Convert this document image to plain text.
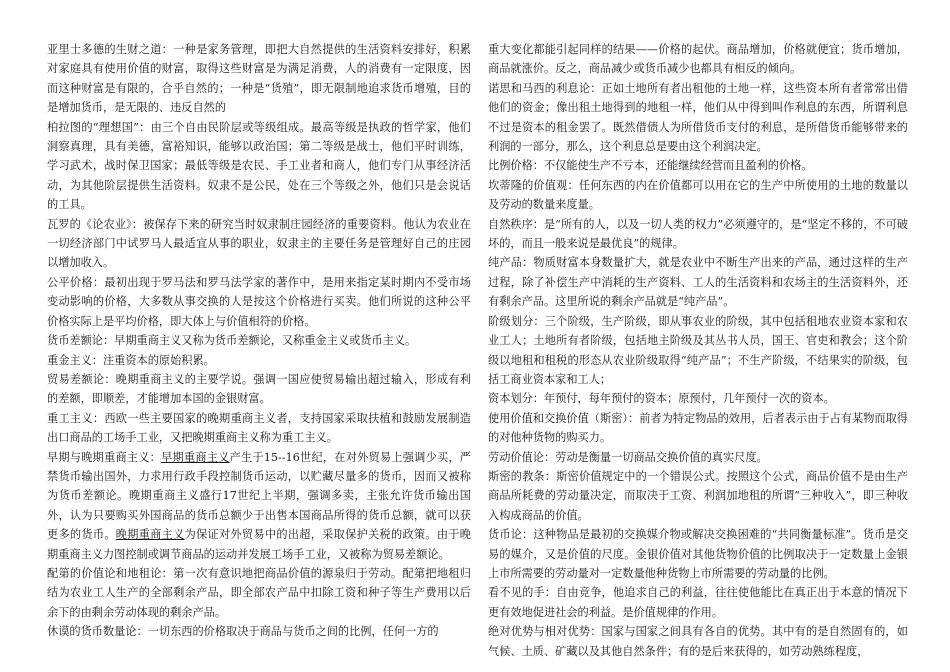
亚里士多德的生财之道：一种是家务管理，即把大自然提供的生活资料安排好，积累对家庭具有使用价值的财富，取得这些财富是为满足消费，人的消费有一定限度，因而这种财富是有限的，合乎自然的；一种是“货殖”，即无限制地追求货币增殖，目的是增加货币，是无限的、违反自然的

柏拉图的“理想国”：由三个自由民阶层或等级组成。最高等级是执政的哲学家，他们洞察真理，具有美德，富裕知识，能够以政治国；第二等级是战士，他们平时训练，学习武术，战时保卫国家；最低等级是农民、手工业者和商人，他们专门从事经济活动，为其他阶层提供生活资料。奴隶不是公民，处在三个等级之外，他们只是会说话的工具。

瓦罗的《论农业》：被保存下来的研究当时奴隶制庄园经济的重要资料。他认为农业在一切经济部门中试罗马人最适宜从事的职业，奴隶主的主要任务是管理好自己的庄园以增加收入。

公平价格：最初出现于罗马法和罗马法学家的著作中，是用来指定某时期内不受市场变动影响的价格，大多数从事交换的人是按这个价格进行买卖。他们所说的这种公平价格实际上是平均价格，即大体上与价值相符的价格。

货币差额论：早期重商主义又称为货币差额论，又称重金主义或货币主义。

重金主义：注重资本的原始积累。

贸易差额论：晚期重商主义的主要学说。强调一国应使贸易输出超过输入，形成有利的差额，即顺差，才能增加本国的金银财富。

重工主义：西欧一些主要国家的晚期重商主义者，支持国家采取扶植和鼓励发展制造出口商品的工场手工业，又把晚期重商主义称为重工主义。

早期与晚期重商主义：早期重商主义产生于15--16世纪，在对外贸易上强调少买，严禁货币输出国外，力求用行政手段控制货币运动，以贮藏尽量多的货币，因而又被称为货币差额论。晚期重商主义盛行17世纪上半期，强调多卖，主张允许货币输出国外，认为只要购买外国商品的货币总额少于出售本国商品所得的货币总额，就可以获更多的货币。晚期重商主义为保证对外贸易中的出超，采取保护关税的政策。由于晚期重商主义力图控制或调节商品的运动并发展工场手工业，又被称为贸易差额论。

配第的价值论和地租论：第一次有意识地把商品价值的源泉归于劳动。配第把地租归结为农业工人生产的全部剩余产品，即全部农产品中扣除工资和种子等生产费用以后余下的由剩余劳动体现的剩余产品。

休谟的货币数量论：一切东西的价格取决于商品与货币之间的比例，任何一方的

重大变化都能引起同样的结果——价格的起伏。商品增加，价格就便宜；货币增加，商品就涨价。反之，商品减少或货币减少也都具有相反的倾向。

诺思和马西的利息论：正如土地所有者出租他的土地一样，这些资本所有者常常出借他们的资金；像出租土地得到的地租一样，他们从中得到叫作利息的东西，所谓利息不过是资本的租金罢了。既然借债人为所借货币支付的利息，是所借货币能够带来的利润的一部分，那么，这个利息总是要由这个利润决定。

比例价格：不仅能使生产不亏本，还能继续经营而且盈利的价格。

坎蒂隆的价值观：任何东西的内在价值都可以用在它的生产中所使用的土地的数量以及劳动的数量来度量。

自然秩序：是“所有的人，以及一切人类的权力”必须遵守的，是“坚定不移的，不可破坏的，而且一般来说是最优良”的规律。

纯产品：物质财富本身数量扩大，就是农业中不断生产出来的产品，通过这样的生产过程，除了补偿生产中消耗的生产资料、工人的生活资料和农场主的生活资料外，还有剩余产品。这里所说的剩余产品就是“纯产品”。

阶级划分：三个阶级，生产阶级，即从事农业的阶级，其中包括租地农业资本家和农业工人；土地所有者阶级，包括地主阶级及其丛书人员，国王、官吏和教会；这个阶级以地租和租税的形态从农业阶级取得“纯产品”；不生产阶级，不结果实的阶级，包括工商业资本家和工人；

资本划分：年预付，每年预付的资本；原预付，几年预付一次的资本。

使用价值和交换价值（斯密）：前者为特定物品的效用，后者表示由于占有某物而取得的对他种货物的购买力。

劳动价值论：劳动是衡量一切商品交换价值的真实尺度。

斯密的教条：斯密价值规定中的一个错误公式。按照这个公式，商品价值不是由生产商品所耗费的劳动量决定，而取决于工资、利润加地租的所谓“三种收入”，即三种收入构成商品的价值。

货币论：这种物品是最初的交换媒介物或解决交换困难的“共同衡量标准”。货币是交易的媒介，又是价值的尺度。金银价值对其他货物价值的比例取决于一定数量上金银上市所需要的劳动量对一定数量他种货物上市所需要的劳动量的比例。

看不见的手：自由竞争，他追求自己的利益，往往使他能比在真正出于本意的情况下更有效地促进社会的利益。是价值规律的作用。

绝对优势与相对优势：国家与国家之间具有各自的优势。其中有的是自然固有的，如气候、土质、矿藏以及其他自然条件；有的是后来获得的，如劳动熟练程度，
